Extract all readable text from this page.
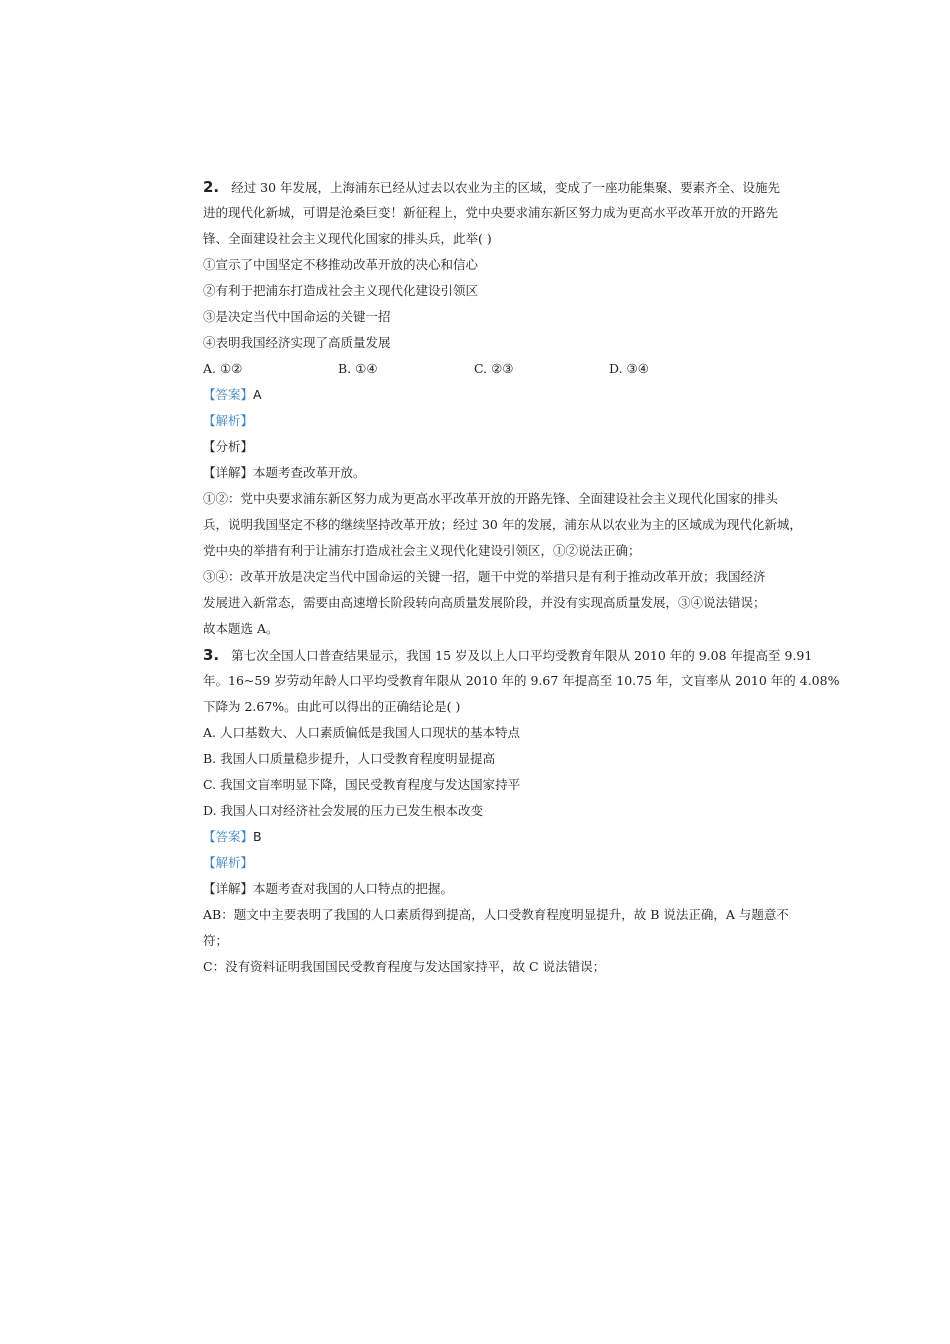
2. 经过 30 年发展，上海浦东已经从过去以农业为主的区域，变成了一座功能集聚、要素齐全、设施先
进的现代化新城，可谓是沧桑巨变！新征程上，党中央要求浦东新区努力成为更高水平改革开放的开路先
锋、全面建设社会主义现代化国家的排头兵，此举( )
①宣示了中国坚定不移推动改革开放的决心和信心
②有利于把浦东打造成社会主义现代化建设引领区
③是决定当代中国命运的关键一招
④表明我国经济实现了高质量发展
A. ①②	B. ①④	C. ②③	D. ③④
【答案】A
【解析】
【分析】
【详解】本题考查改革开放。
①②：党中央要求浦东新区努力成为更高水平改革开放的开路先锋、全面建设社会主义现代化国家的排头
兵，说明我国坚定不移的继续坚持改革开放；经过 30 年的发展，浦东从以农业为主的区域成为现代化新城，
党中央的举措有利于让浦东打造成社会主义现代化建设引领区，①②说法正确；
③④：改革开放是决定当代中国命运的关键一招，题干中党的举措只是有利于推动改革开放；我国经济
发展进入新常态，需要由高速增长阶段转向高质量发展阶段，并没有实现高质量发展，③④说法错误；
故本题选 A。
3. 第七次全国人口普查结果显示，我国 15 岁及以上人口平均受教育年限从 2010 年的 9.08 年提高至 9.91
年。16~59 岁劳动年龄人口平均受教育年限从 2010 年的 9.67 年提高至 10.75 年，文盲率从 2010 年的 4.08%
下降为 2.67%。由此可以得出的正确结论是( )
A. 人口基数大、人口素质偏低是我国人口现状的基本特点
B. 我国人口质量稳步提升，人口受教育程度明显提高
C. 我国文盲率明显下降，国民受教育程度与发达国家持平
D. 我国人口对经济社会发展的压力已发生根本改变
【答案】B
【解析】
【详解】本题考查对我国的人口特点的把握。
AB：题文中主要表明了我国的人口素质得到提高，人口受教育程度明显提升，故 B 说法正确，A 与题意不
符；
C：没有资料证明我国国民受教育程度与发达国家持平，故 C 说法错误；
